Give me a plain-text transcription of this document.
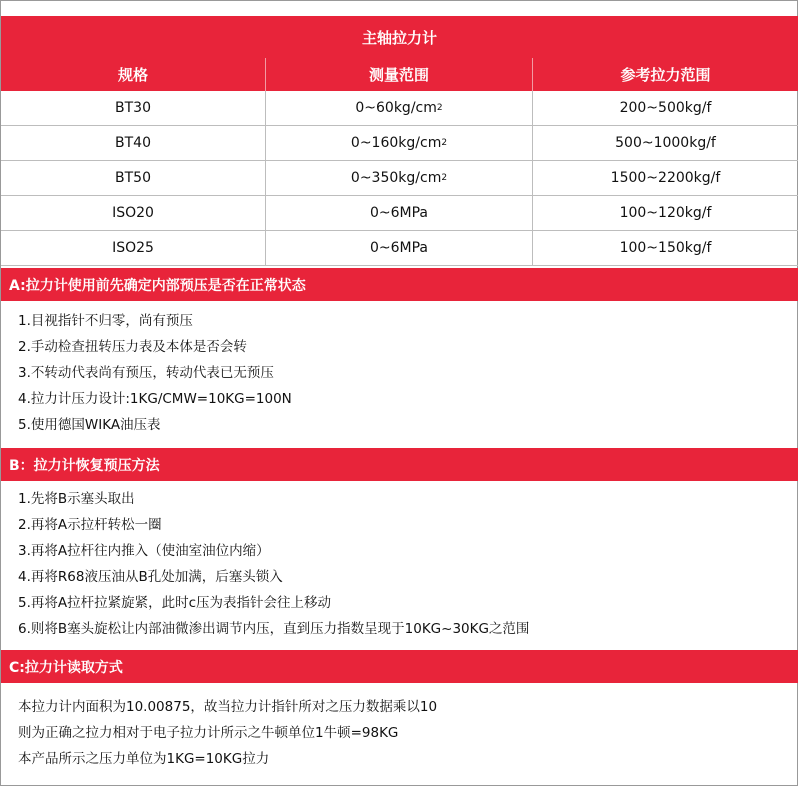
主轴拉力计
规格	测量范围	参考拉力范围
BT30	0~60kg/cm 2	200~500kg/f
BT40	0~160kg/cm 2	500~1000kg/f
BT50	0~350kg/cm 2	1500~2200kg/f
ISO20	0~6MPa	100~120kg/f
ISO25	0~6MPa	100~150kg/f
A:拉力计使用前先确定内部预压是否在正常状态
1.目视指针不归零，尚有预压
2.手动检查扭转压力表及本体是否会转
3.不转动代表尚有预压，转动代表已无预压
4.拉力计压力设计:1KG/CMW=10KG=100N
5.使用德国WIKA油压表
B：拉力计恢复预压方法
1.先将B示塞头取出
2.再将A示拉杆转松一圈
3.再将A拉杆往内推入（使油室油位内缩）
4.再将R68液压油从B孔处加满，后塞头锁入
5.再将A拉杆拉紧旋紧，此时c压为表指针会往上移动
6.则将B塞头旋松让内部油微渗出调节内压，直到压力指数呈现于10KG~30KG之范围
C:拉力计读取方式
本拉力计内面积为10.00875，故当拉力计指针所对之压力数据乘以10
则为正确之拉力相对于电子拉力计所示之牛顿单位1牛顿=98KG
本产品所示之压力单位为1KG=10KG拉力
